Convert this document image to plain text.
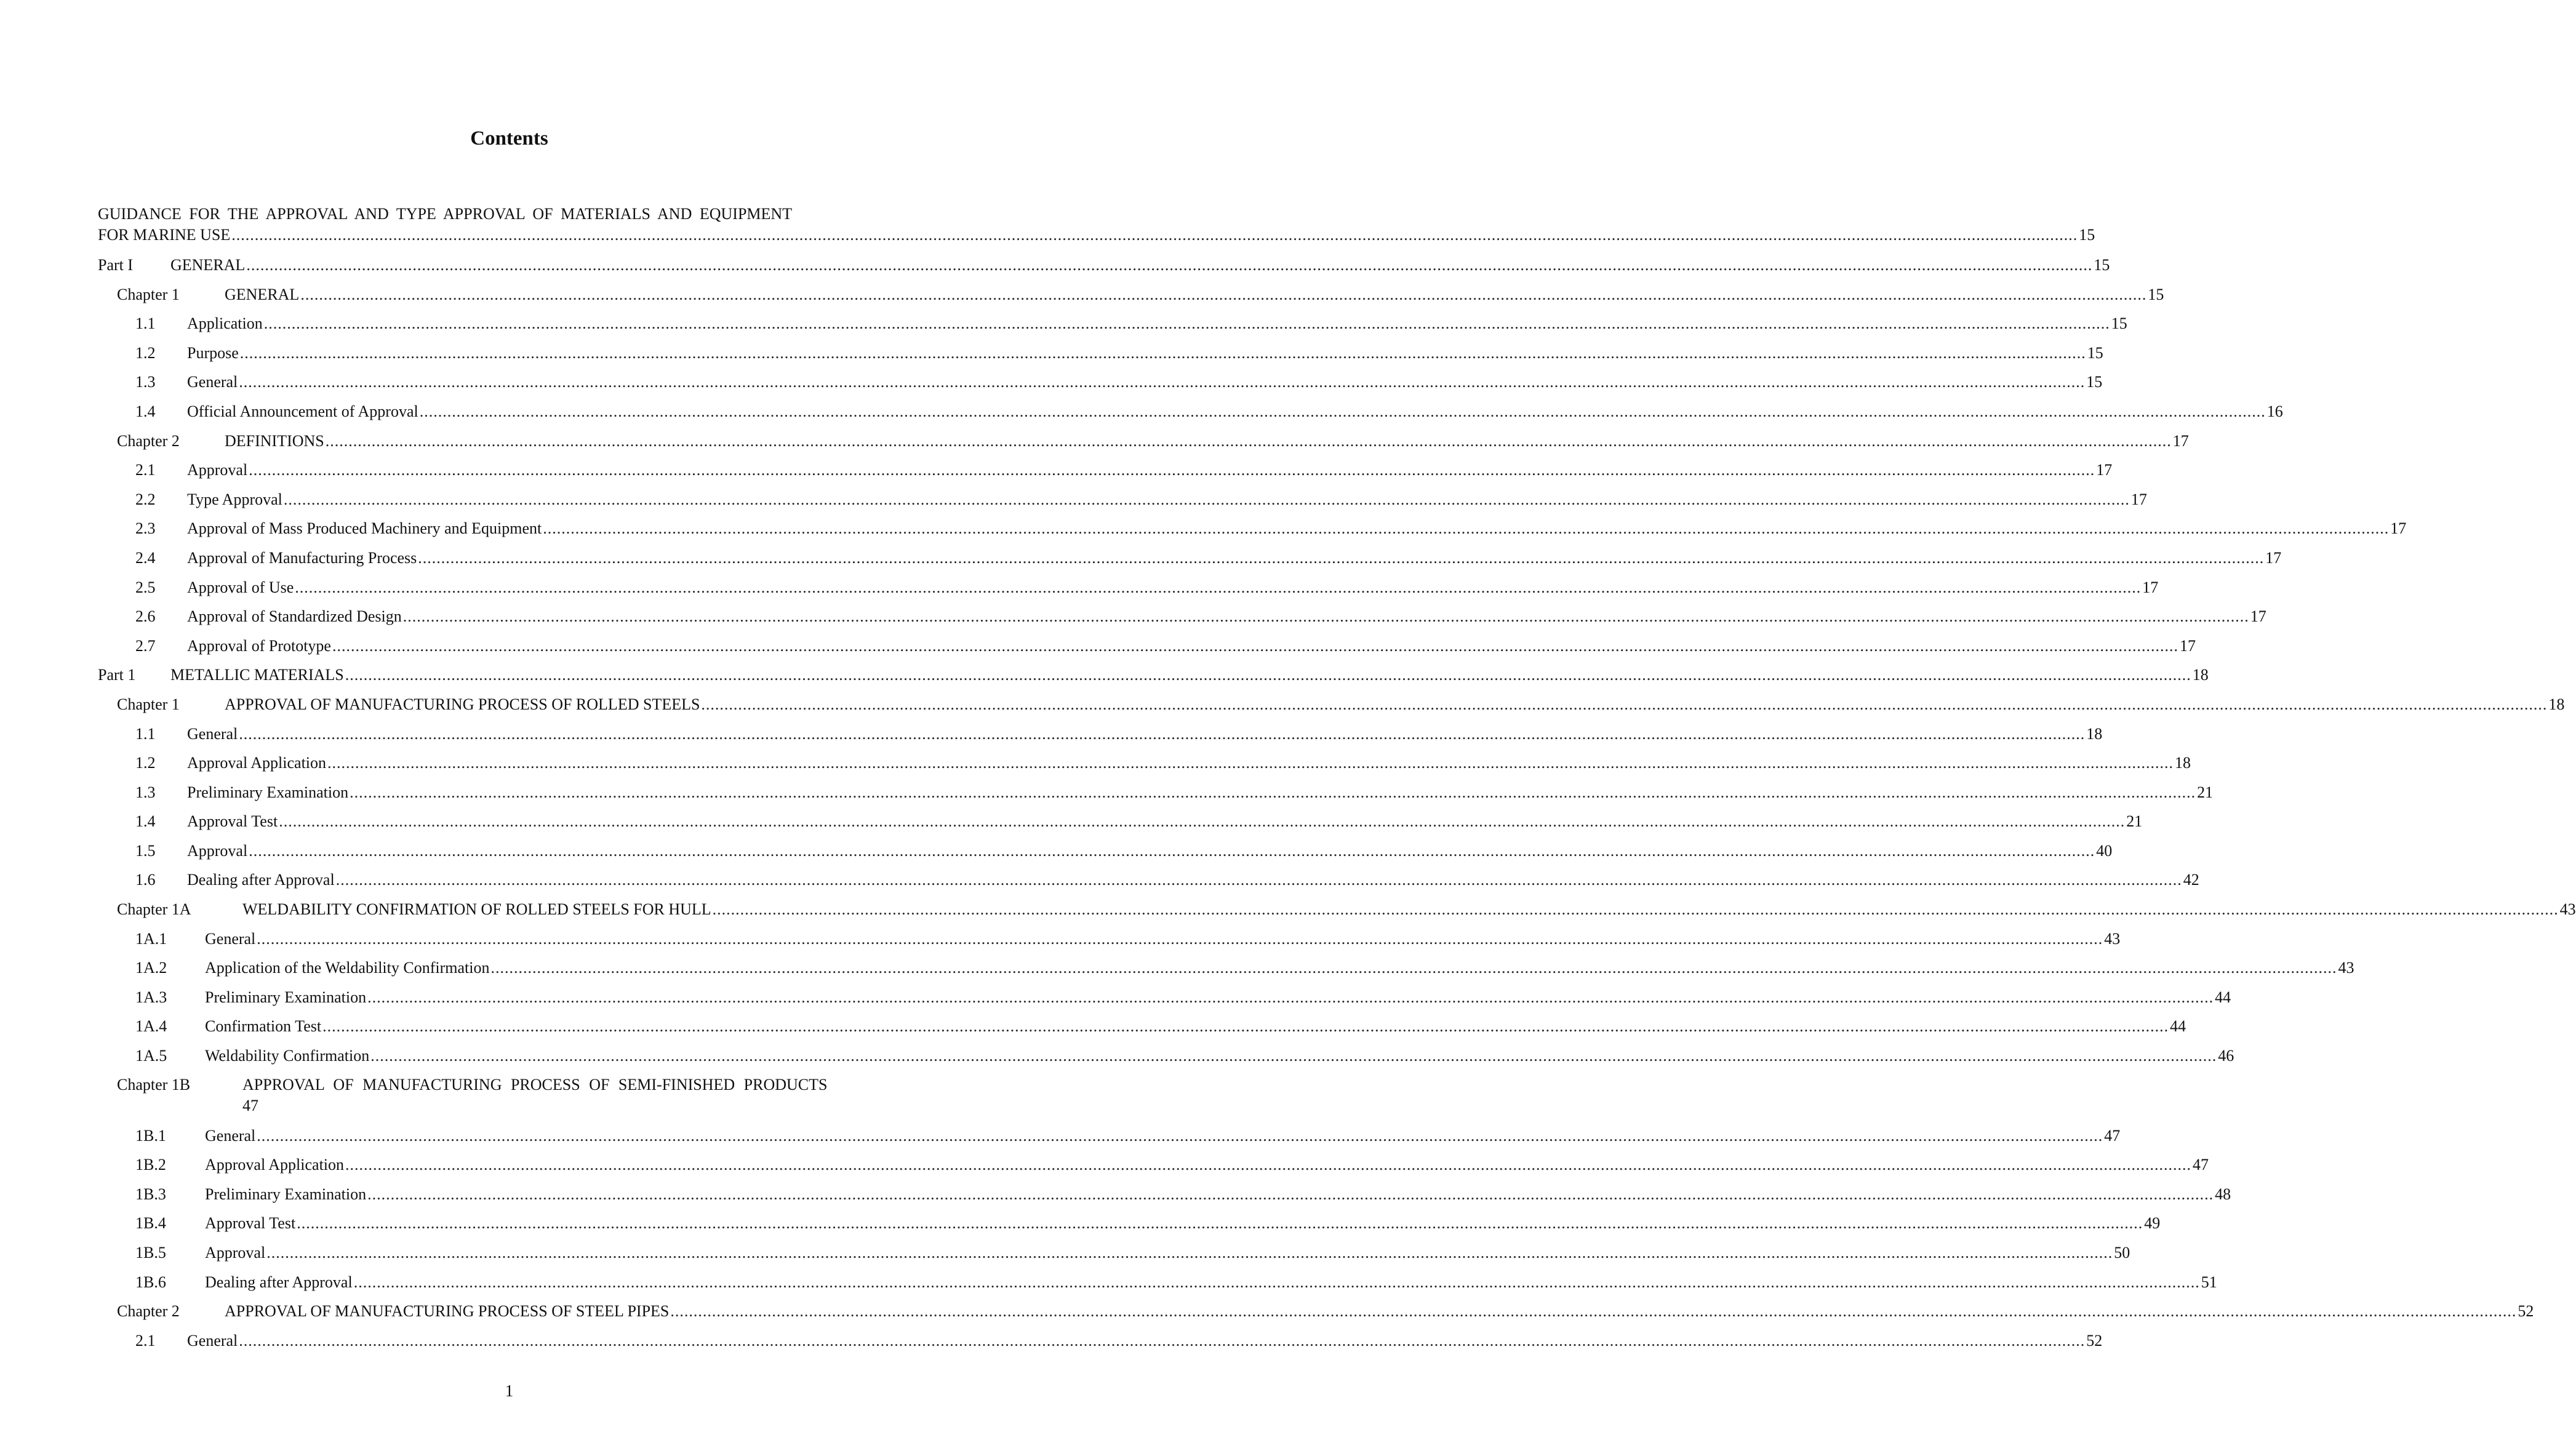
Contents
GUIDANCE FOR THE APPROVAL AND TYPE APPROVAL OF MATERIALS AND EQUIPMENT
FOR MARINE USE ................................................................................................................................................................................................................................................................................................................................................................................................................ 15
Part I	GENERAL ................................................................................................................................................................................................................................................................................................................................................................................................................ 15
Chapter 1	GENERAL ................................................................................................................................................................................................................................................................................................................................................................................................................ 15
1.1	Application ................................................................................................................................................................................................................................................................................................................................................................................................................ 15
1.2	Purpose ................................................................................................................................................................................................................................................................................................................................................................................................................ 15
1.3	General ................................................................................................................................................................................................................................................................................................................................................................................................................ 15
1.4	Official Announcement of Approval ................................................................................................................................................................................................................................................................................................................................................................................................................ 16
Chapter 2	DEFINITIONS ................................................................................................................................................................................................................................................................................................................................................................................................................ 17
2.1	Approval ................................................................................................................................................................................................................................................................................................................................................................................................................ 17
2.2	Type Approval ................................................................................................................................................................................................................................................................................................................................................................................................................ 17
2.3	Approval of Mass Produced Machinery and Equipment ................................................................................................................................................................................................................................................................................................................................................................................................................ 17
2.4	Approval of Manufacturing Process ................................................................................................................................................................................................................................................................................................................................................................................................................ 17
2.5	Approval of Use ................................................................................................................................................................................................................................................................................................................................................................................................................ 17
2.6	Approval of Standardized Design ................................................................................................................................................................................................................................................................................................................................................................................................................ 17
2.7	Approval of Prototype ................................................................................................................................................................................................................................................................................................................................................................................................................ 17
Part 1	METALLIC MATERIALS ................................................................................................................................................................................................................................................................................................................................................................................................................ 18
Chapter 1	APPROVAL OF MANUFACTURING PROCESS OF ROLLED STEELS ................................................................................................................................................................................................................................................................................................................................................................................................................ 18
1.1	General ................................................................................................................................................................................................................................................................................................................................................................................................................ 18
1.2	Approval Application ................................................................................................................................................................................................................................................................................................................................................................................................................ 18
1.3	Preliminary Examination ................................................................................................................................................................................................................................................................................................................................................................................................................ 21
1.4	Approval Test ................................................................................................................................................................................................................................................................................................................................................................................................................ 21
1.5	Approval ................................................................................................................................................................................................................................................................................................................................................................................................................ 40
1.6	Dealing after Approval ................................................................................................................................................................................................................................................................................................................................................................................................................ 42
Chapter 1A	WELDABILITY CONFIRMATION OF ROLLED STEELS FOR HULL ................................................................................................................................................................................................................................................................................................................................................................................................................ 43
1A.1	General ................................................................................................................................................................................................................................................................................................................................................................................................................ 43
1A.2	Application of the Weldability Confirmation ................................................................................................................................................................................................................................................................................................................................................................................................................ 43
1A.3	Preliminary Examination ................................................................................................................................................................................................................................................................................................................................................................................................................ 44
1A.4	Confirmation Test ................................................................................................................................................................................................................................................................................................................................................................................................................ 44
1A.5	Weldability Confirmation ................................................................................................................................................................................................................................................................................................................................................................................................................ 46
Chapter 1B	APPROVAL OF MANUFACTURING PROCESS OF SEMI-FINISHED PRODUCTS
47
1B.1	General ................................................................................................................................................................................................................................................................................................................................................................................................................ 47
1B.2	Approval Application ................................................................................................................................................................................................................................................................................................................................................................................................................ 47
1B.3	Preliminary Examination ................................................................................................................................................................................................................................................................................................................................................................................................................ 48
1B.4	Approval Test ................................................................................................................................................................................................................................................................................................................................................................................................................ 49
1B.5	Approval ................................................................................................................................................................................................................................................................................................................................................................................................................ 50
1B.6	Dealing after Approval ................................................................................................................................................................................................................................................................................................................................................................................................................ 51
Chapter 2	APPROVAL OF MANUFACTURING PROCESS OF STEEL PIPES ................................................................................................................................................................................................................................................................................................................................................................................................................ 52
2.1	General ................................................................................................................................................................................................................................................................................................................................................................................................................ 52
1
